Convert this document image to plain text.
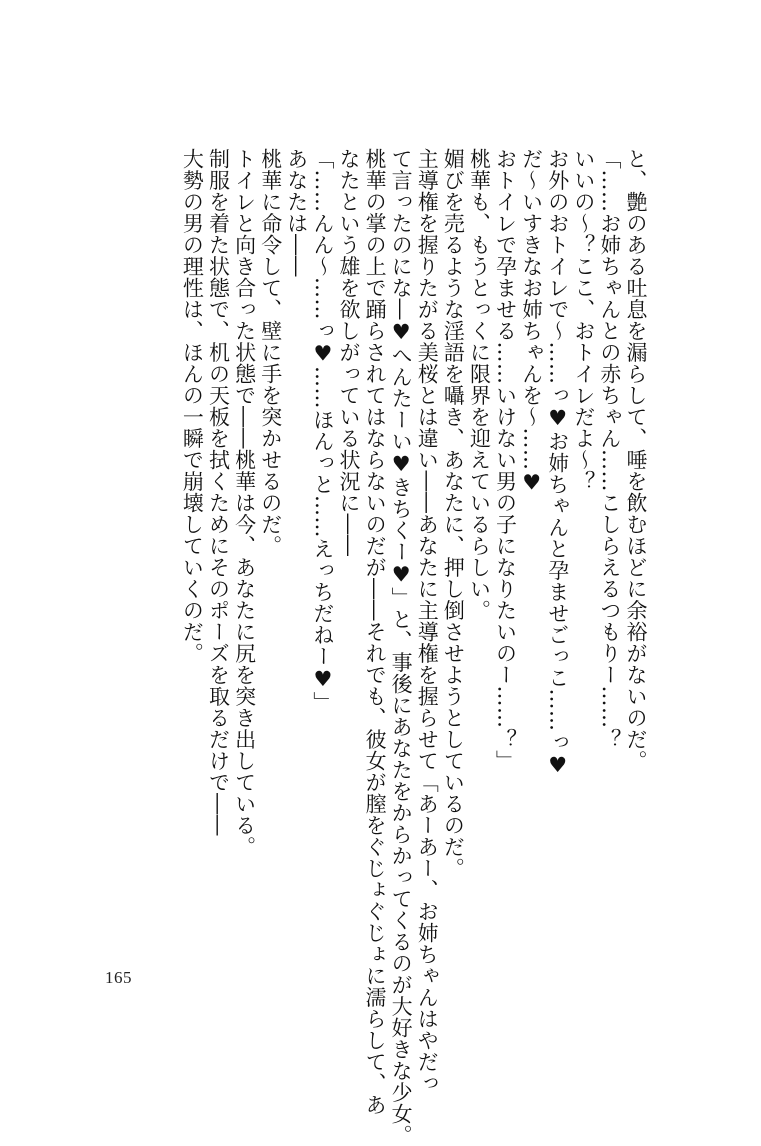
と、艶のある吐息を漏らして、唾を飲むほどに余裕がないのだ。

「……お姉ちゃんとの赤ちゃん……こしらえるつもりー……？

いいの～？ここ、おトイレだよ～？

お外のおトイレで～……っ♥お姉ちゃんと孕ませごっこ……っ♥

だ～いすきなお姉ちゃんを～……♥

おトイレで孕ませる……いけない男の子になりたいのー……？」

桃華も、もうとっくに限界を迎えているらしい。

媚びを売るような淫語を囁き、あなたに、押し倒させようとしているのだ。

主導権を握りたがる美桜とは違い――あなたに主導権を握らせて「あーあー、お姉ちゃんはやだっ

て言ったのにな―♥へんたーい♥きちくー♥」と、事後にあなたをからかってくるのが大好きな少女。

桃華の掌の上で踊らされてはならないのだが――それでも、彼女が膣をぐじょぐじょに濡らして、あ

なたという雄を欲しがっている状況に――

「……んん～……っ♥……ほんっと……えっちだねー♥」

あなたは――

桃華に命令して、壁に手を突かせるのだ。

トイレと向き合った状態で――桃華は今、あなたに尻を突き出している。

制服を着た状態で、机の天板を拭くためにそのポーズを取るだけで――

大勢の男の理性は、ほんの一瞬で崩壊していくのだ。

165
